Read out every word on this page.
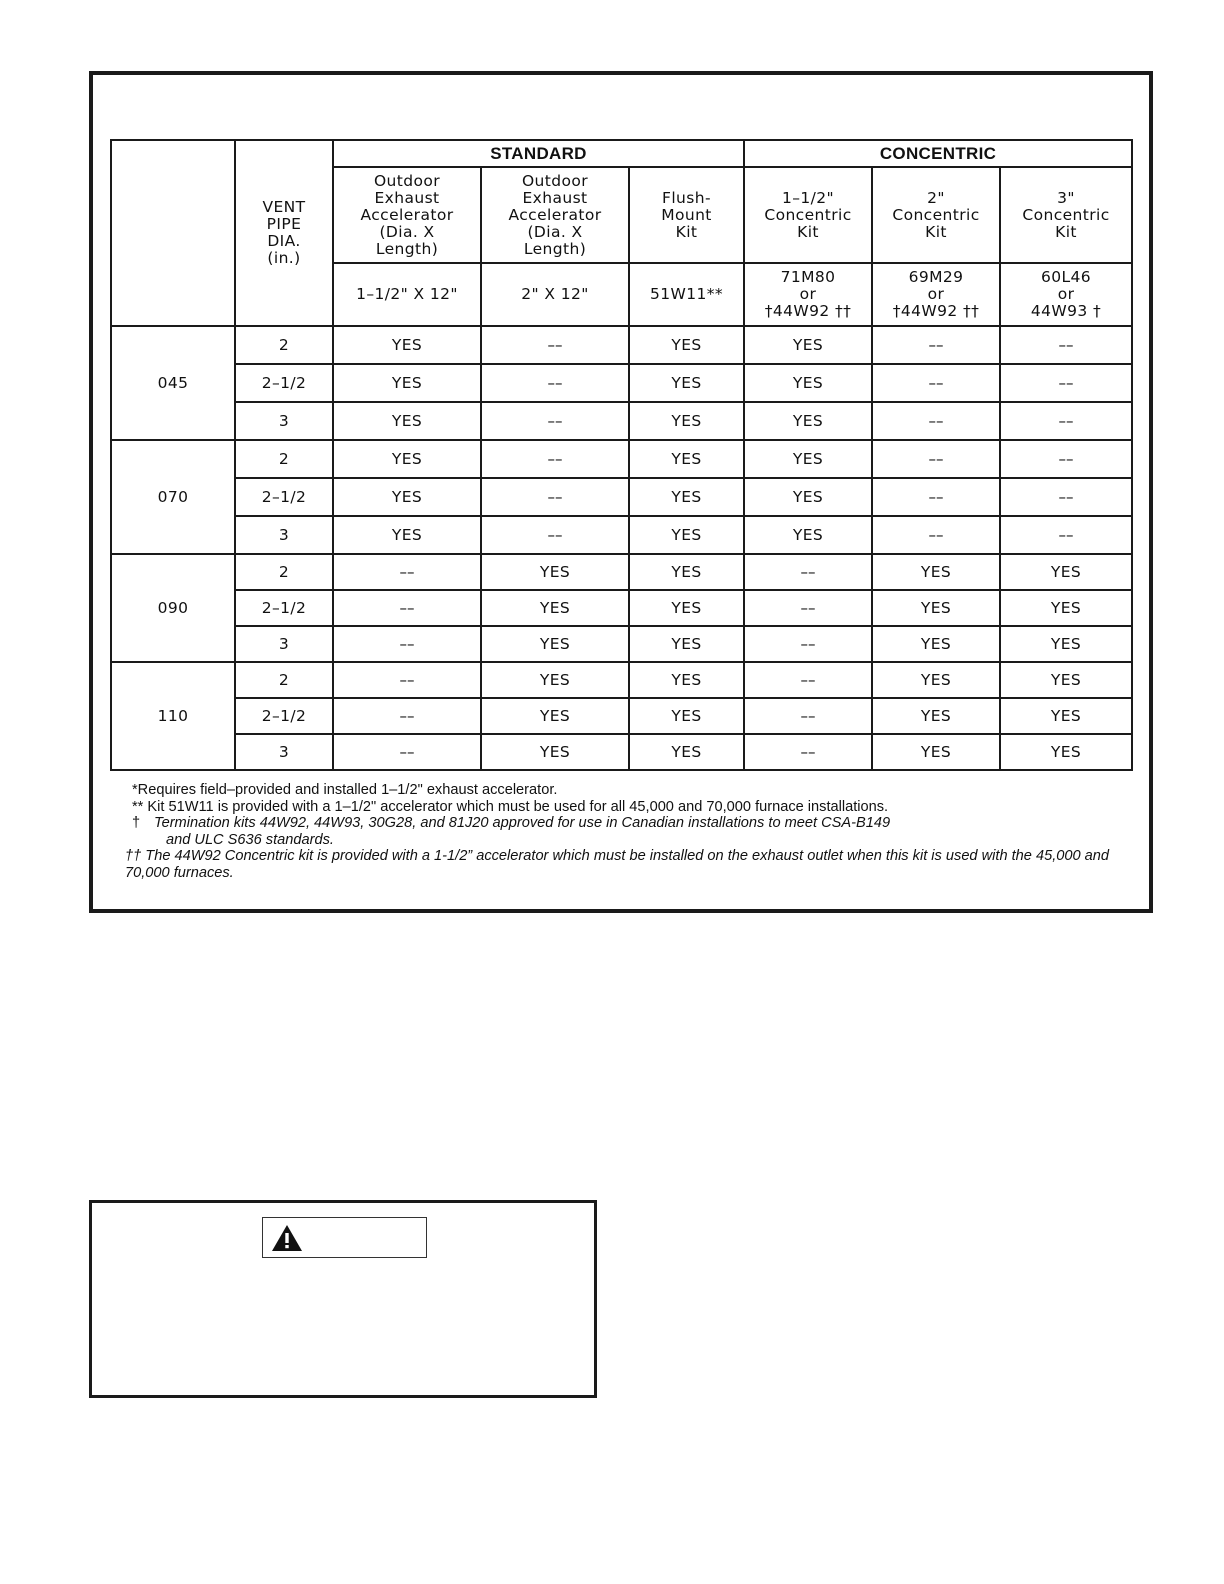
	VENT
PIPE
DIA.
(in.)	STANDARD			CONCENTRIC		
		Outdoor
Exhaust
Accelerator
(Dia. X
Length)	Outdoor
Exhaust
Accelerator
(Dia. X
Length)	Flush-
Mount
Kit	1–1/2"
Concentric
Kit	2"
Concentric
Kit	3"
Concentric
Kit
		1–1/2" X 12"	2" X 12"	51W11**	71M80
or
†44W92 ††	69M29
or
†44W92 ††	60L46
or
44W93 †
045	2	YES	––	YES	YES	––	––
	2–1/2	YES	––	YES	YES	––	––
	3	YES	––	YES	YES	––	––
070	2	YES	––	YES	YES	––	––
	2–1/2	YES	––	YES	YES	––	––
	3	YES	––	YES	YES	––	––
090	2	––	YES	YES	––	YES	YES
	2–1/2	––	YES	YES	––	YES	YES
	3	––	YES	YES	––	YES	YES
110	2	––	YES	YES	––	YES	YES
	2–1/2	––	YES	YES	––	YES	YES
	3	––	YES	YES	––	YES	YES
*Requires field–provided and installed 1–1/2" exhaust accelerator.
** Kit 51W11 is provided with a 1–1/2" accelerator which must be used for all 45,000 and 70,000 furnace installations.
† Termination kits 44W92, 44W93, 30G28, and 81J20 approved for use in Canadian installations to meet CSA-B149
and ULC S636 standards.
†† The 44W92 Concentric kit is provided with a 1-1/2” accelerator which must be installed on the exhaust outlet when this kit is used with the 45,000 and 70,000 furnaces.
